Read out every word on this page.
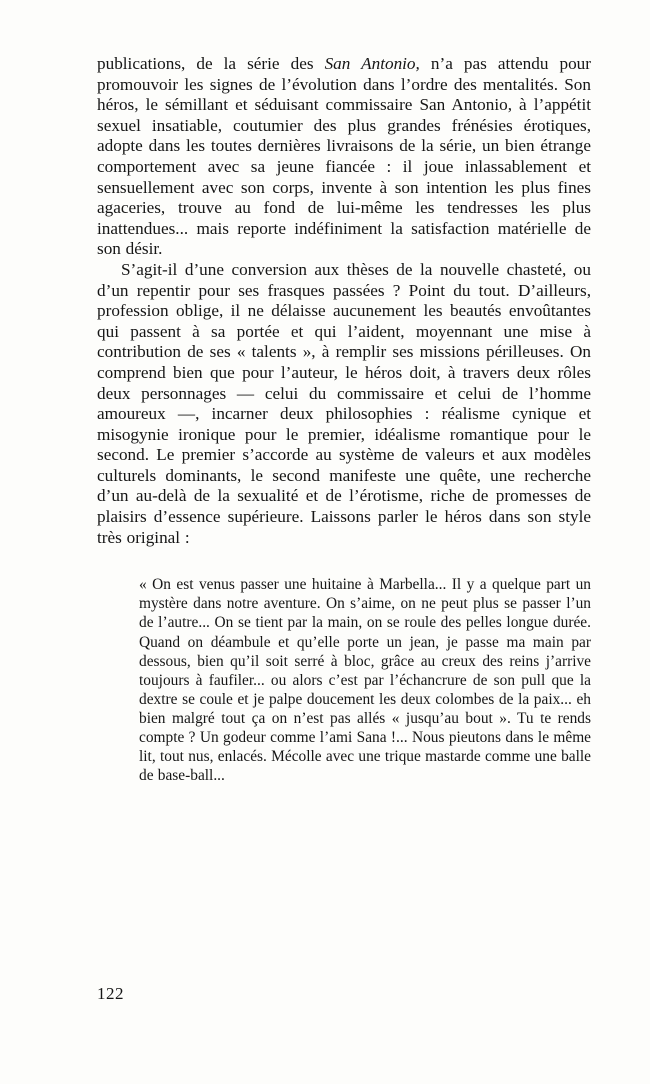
publications, de la série des San Antonio, n’a pas attendu pour promouvoir les signes de l’évolution dans l’ordre des mentalités. Son héros, le sémillant et séduisant commissaire San Antonio, à l’appétit sexuel insatiable, coutumier des plus grandes frénésies érotiques, adopte dans les toutes dernières livraisons de la série, un bien étrange comportement avec sa jeune fiancée : il joue inlassablement et sensuellement avec son corps, invente à son intention les plus fines agaceries, trouve au fond de lui-même les tendresses les plus inattendues... mais reporte indéfiniment la satisfaction matérielle de son désir.

S’agit-il d’une conversion aux thèses de la nouvelle chasteté, ou d’un repentir pour ses frasques passées ? Point du tout. D’ailleurs, profession oblige, il ne délaisse aucunement les beautés envoûtantes qui passent à sa portée et qui l’aident, moyennant une mise à contribution de ses « talents », à remplir ses missions périlleuses. On comprend bien que pour l’auteur, le héros doit, à travers deux rôles deux personnages — celui du commissaire et celui de l’homme amoureux —, incarner deux philosophies : réalisme cynique et misogynie ironique pour le premier, idéalisme romantique pour le second. Le premier s’accorde au système de valeurs et aux modèles culturels dominants, le second manifeste une quête, une recherche d’un au-delà de la sexualité et de l’érotisme, riche de promesses de plaisirs d’essence supérieure. Laissons parler le héros dans son style très original :

« On est venus passer une huitaine à Marbella... Il y a quelque part un mystère dans notre aventure. On s’aime, on ne peut plus se passer l’un de l’autre... On se tient par la main, on se roule des pelles longue durée. Quand on déambule et qu’elle porte un jean, je passe ma main par dessous, bien qu’il soit serré à bloc, grâce au creux des reins j’arrive toujours à faufiler... ou alors c’est par l’échancrure de son pull que la dextre se coule et je palpe doucement les deux colombes de la paix... eh bien malgré tout ça on n’est pas allés « jusqu’au bout ». Tu te rends compte ? Un godeur comme l’ami Sana !... Nous pieutons dans le même lit, tout nus, enlacés. Mécolle avec une trique mastarde comme une balle de base-ball...
122
